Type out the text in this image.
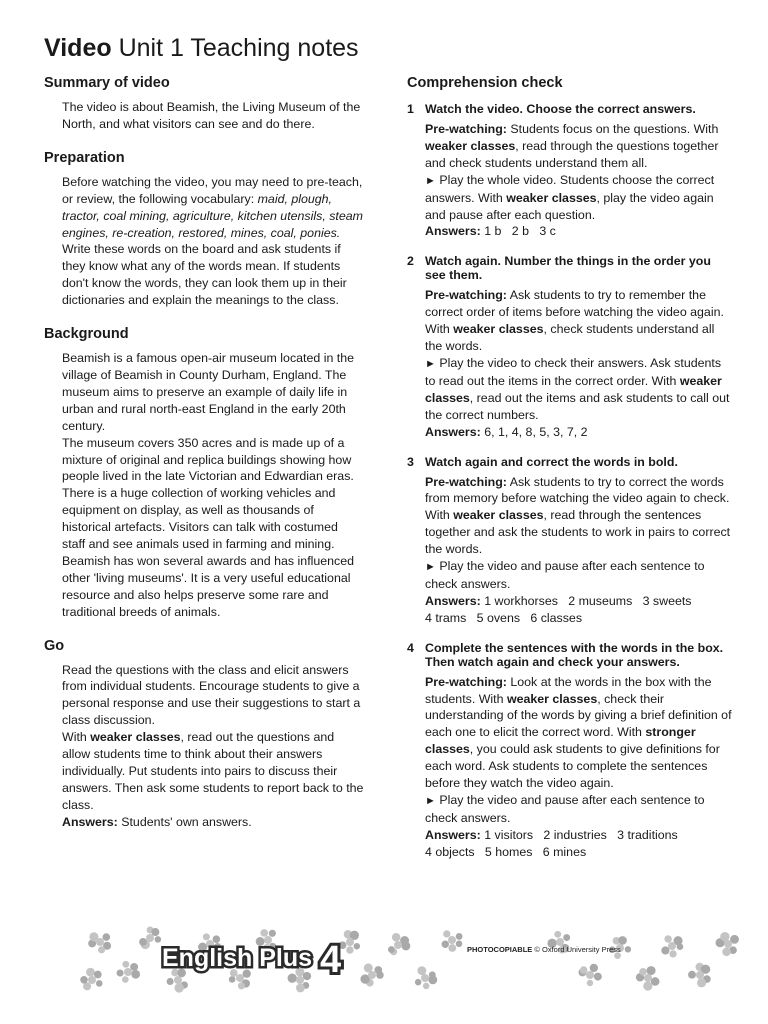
Video Unit 1 Teaching notes
Summary of video

The video is about Beamish, the Living Museum of the North, and what visitors can see and do there.

Preparation

Before watching the video, you may need to pre-teach, or review, the following vocabulary: maid, plough, tractor, coal mining, agriculture, kitchen utensils, steam engines, re-creation, restored, mines, coal, ponies.

Write these words on the board and ask students if they know what any of the words mean. If students don't know the words, they can look them up in their dictionaries and explain the meanings to the class.

Background

Beamish is a famous open-air museum located in the village of Beamish in County Durham, England. The museum aims to preserve an example of daily life in urban and rural north-east England in the early 20th century.

The museum covers 350 acres and is made up of a mixture of original and replica buildings showing how people lived in the late Victorian and Edwardian eras. There is a huge collection of working vehicles and equipment on display, as well as thousands of historical artefacts. Visitors can talk with costumed staff and see animals used in farming and mining.

Beamish has won several awards and has influenced other 'living museums'. It is a very useful educational resource and also helps preserve some rare and traditional breeds of animals.

Go

Read the questions with the class and elicit answers from individual students. Encourage students to give a personal response and use their suggestions to start a class discussion.

With weaker classes, read out the questions and allow students time to think about their answers individually. Put students into pairs to discuss their answers. Then ask some students to report back to the class.

Answers: Students' own answers.

Comprehension check
1 Watch the video. Choose the correct answers.

Pre-watching: Students focus on the questions. With weaker classes, read through the questions together and check students understand them all.

► Play the whole video. Students choose the correct answers. With weaker classes, play the video again and pause after each question.

Answers: 1 b   2 b   3 c

2 Watch again. Number the things in the order you see them.

Pre-watching: Ask students to try to remember the correct order of items before watching the video again. With weaker classes, check students understand all the words.

► Play the video to check their answers. Ask students to read out the items in the correct order. With weaker classes, read out the items and ask students to call out the correct numbers.

Answers: 6, 1, 4, 8, 5, 3, 7, 2

3 Watch again and correct the words in bold.

Pre-watching: Ask students to try to correct the words from memory before watching the video again to check. With weaker classes, read through the sentences together and ask the students to work in pairs to correct the words.

► Play the video and pause after each sentence to check answers.

Answers: 1 workhorses   2 museums   3 sweets

4 trams   5 ovens   6 classes

4 Complete the sentences with the words in the box. Then watch again and check your answers.

Pre-watching: Look at the words in the box with the students. With weaker classes, check their understanding of the words by giving a brief definition of each one to elicit the correct word. With stronger classes, you could ask students to give definitions for each word. Ask students to complete the sentences before they watch the video again.

► Play the video and pause after each sentence to check answers.

Answers: 1 visitors   2 industries   3 traditions

4 objects   5 homes   6 mines

English Plus 4	PHOTOCOPIABLE © Oxford University Press
